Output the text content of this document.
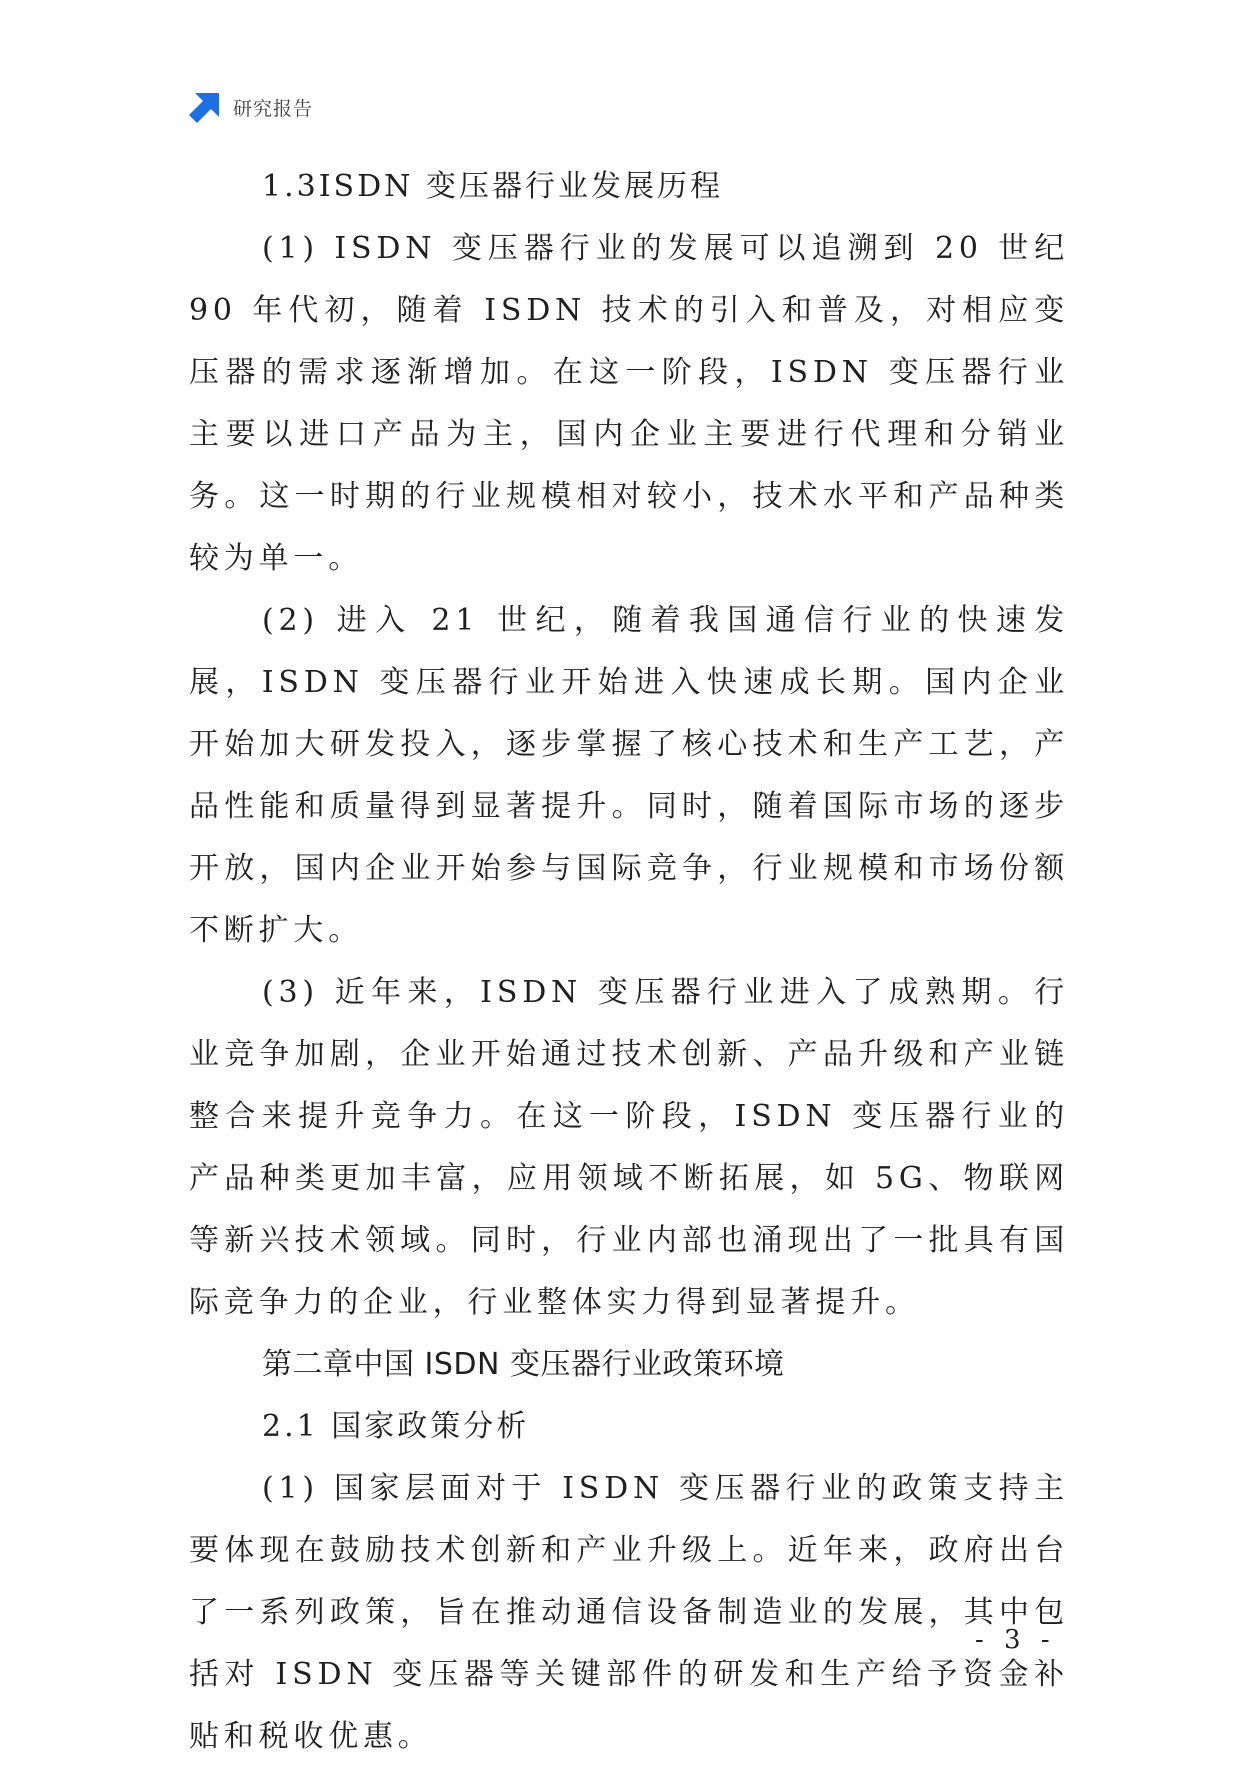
研究报告

1.3ISDN 变压器行业发展历程

(1) ISDN 变压器行业的发展可以追溯到 20 世纪 90 年代初，随着 ISDN 技术的引入和普及，对相应变压器的需求逐渐增加。在这一阶段，ISDN 变压器行业主要以进口产品为主，国内企业主要进行代理和分销业务。这一时期的行业规模相对较小，技术水平和产品种类较为单一。

(2) 进入 21 世纪，随着我国通信行业的快速发展，ISDN 变压器行业开始进入快速成长期。国内企业开始加大研发投入，逐步掌握了核心技术和生产工艺，产品性能和质量得到显著提升。同时，随着国际市场的逐步开放，国内企业开始参与国际竞争，行业规模和市场份额不断扩大。

(3) 近年来，ISDN 变压器行业进入了成熟期。行业竞争加剧，企业开始通过技术创新、产品升级和产业链整合来提升竞争力。在这一阶段，ISDN 变压器行业的产品种类更加丰富，应用领域不断拓展，如 5G、物联网等新兴技术领域。同时，行业内部也涌现出了一批具有国际竞争力的企业，行业整体实力得到显著提升。

第二章中国 ISDN 变压器行业政策环境

2.1 国家政策分析

(1) 国家层面对于 ISDN 变压器行业的政策支持主要体现在鼓励技术创新和产业升级上。近年来，政府出台了一系列政策，旨在推动通信设备制造业的发展，其中包括对 ISDN 变压器等关键部件的研发和生产给予资金补贴和税收优惠。

- 3 -
